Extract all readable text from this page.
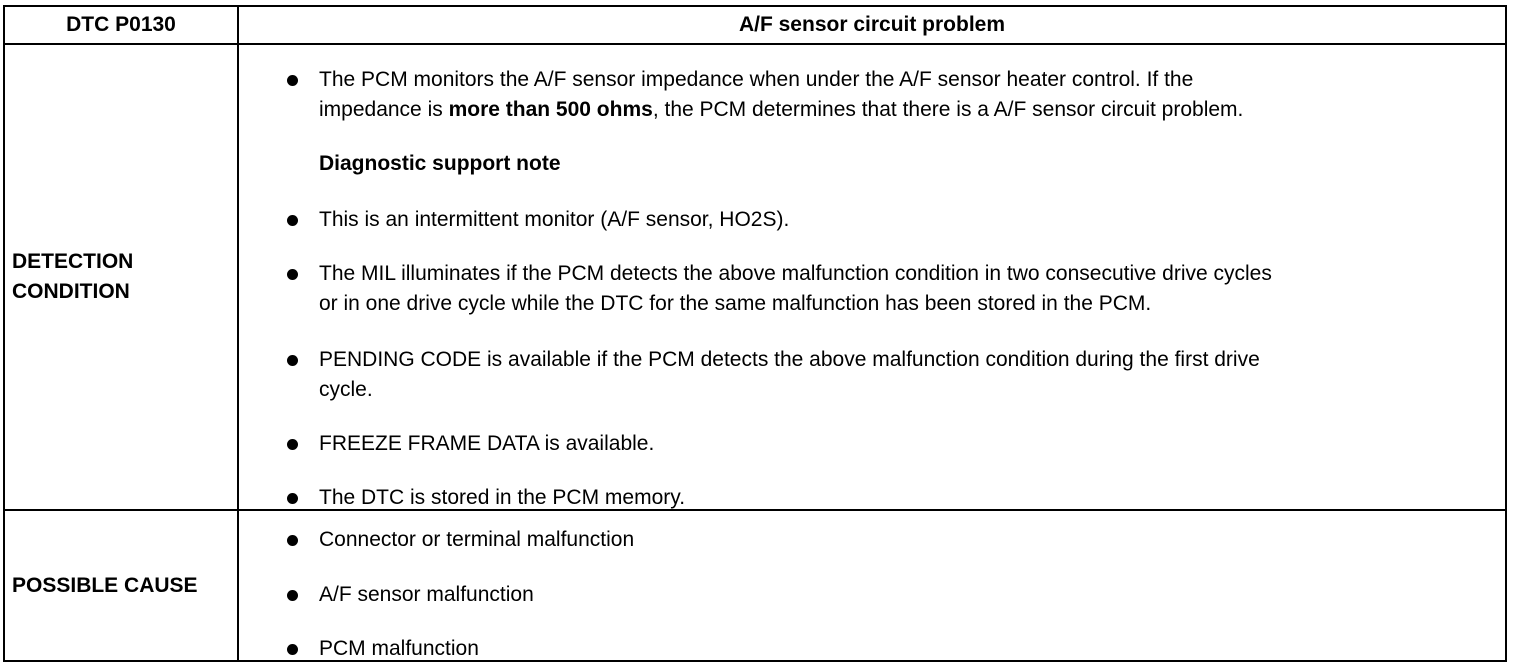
DTC P0130	A/F sensor circuit problem
DETECTION
CONDITION
The PCM monitors the A/F sensor impedance when under the A/F sensor heater control. If the
impedance is more than 500 ohms, the PCM determines that there is a A/F sensor circuit problem.
Diagnostic support note
This is an intermittent monitor (A/F sensor, HO2S).
The MIL illuminates if the PCM detects the above malfunction condition in two consecutive drive cycles
or in one drive cycle while the DTC for the same malfunction has been stored in the PCM.
PENDING CODE is available if the PCM detects the above malfunction condition during the first drive
cycle.
FREEZE FRAME DATA is available.
The DTC is stored in the PCM memory.
POSSIBLE CAUSE
Connector or terminal malfunction
A/F sensor malfunction
PCM malfunction
